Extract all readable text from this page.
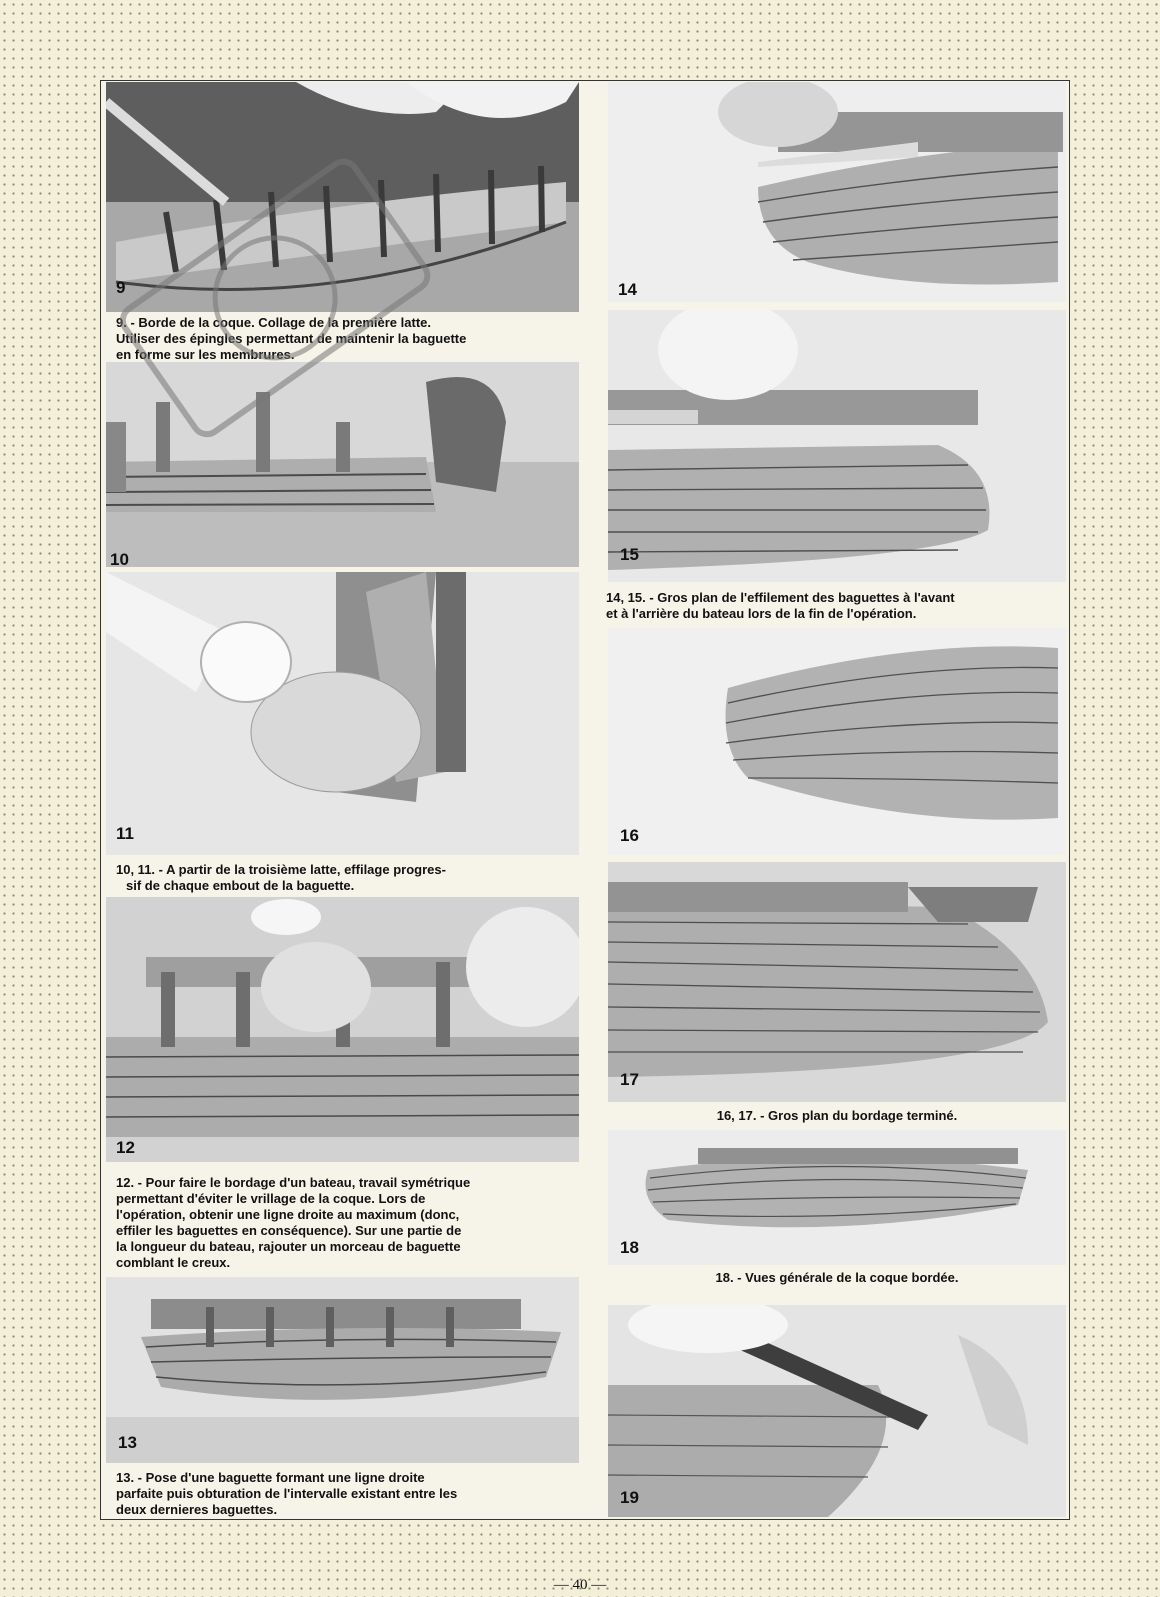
9
9. - Borde de la coque. Collage de la première latte.
Utiliser des épingles permettant de maintenir la baguette
en forme sur les membrures.
10
11
10, 11. - A partir de la troisième latte, effilage progres-
sif de chaque embout de la baguette.
12
12. - Pour faire le bordage d'un bateau, travail symétrique
permettant d'éviter le vrillage de la coque. Lors de
l'opération, obtenir une ligne droite au maximum (donc,
effiler les baguettes en conséquence). Sur une partie de
la longueur du bateau, rajouter un morceau de baguette
comblant le creux.
13
13. - Pose d'une baguette formant une ligne droite
parfaite puis obturation de l'intervalle existant entre les
deux dernieres baguettes.
14
15
14, 15. - Gros plan de l'effilement des baguettes à l'avant
et à l'arrière du bateau lors de la fin de l'opération.
16
17
16, 17. - Gros plan du bordage terminé.
18
18. - Vues générale de la coque bordée.
19
— 40 —
